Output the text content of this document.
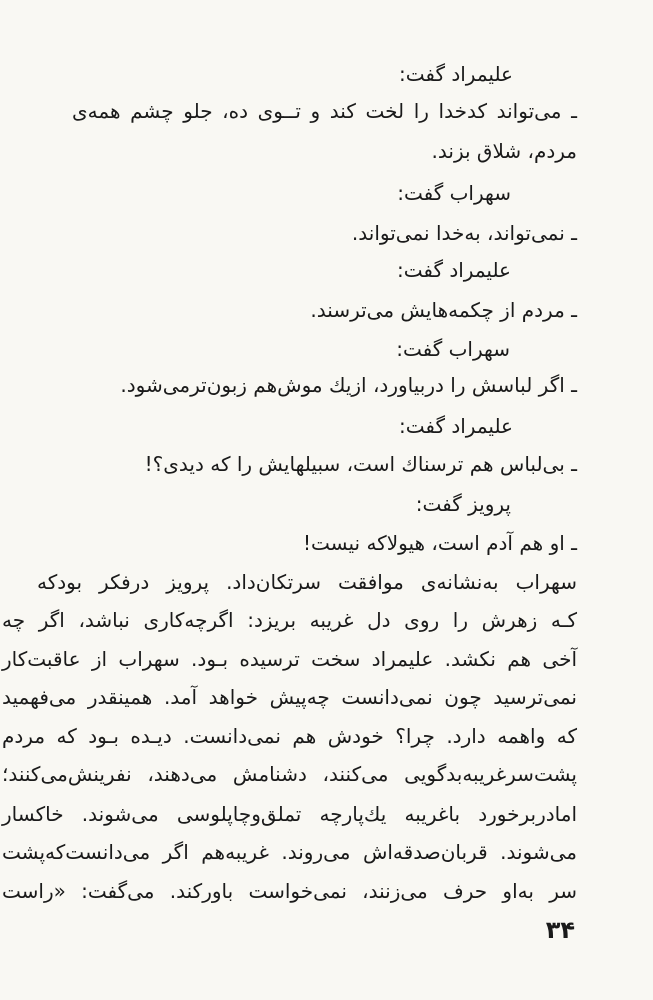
علیمراد گفت:
ـ می‌تواند کدخدا را لخت کند و تــوی ده، جلو چشم همه‌ی
مردم، شلاق بزند.
سهراب گفت:
ـ نمی‌تواند، به‌خدا نمی‌تواند.
علیمراد گفت:
ـ مردم از چکمه‌هایش می‌ترسند.
سهراب گفت:
ـ اگر لباسش را دربیاورد، ازیك موش‌هم زبون‌ترمی‌شود.
علیمراد گفت:
ـ بی‌لباس هم ترسناك است، سبیلهایش را که دیدی؟!
پرویز گفت:
ـ او هم آدم است، هیولاکه نیست!
سهراب به‌نشانه‌ی موافقت سرتکان‌داد. پرویز درفکر بودکه
کـه زهرش را روی دل غریبه بریزد: اگرچه‌کاری نباشد، اگر چه
آخی هم نکشد. علیمراد سخت ترسیده بـود. سهراب از عاقبت‌کار
نمی‌ترسید چون نمی‌دانست چه‌پیش خواهد آمد. همینقدر می‌فهمید
که واهمه دارد. چرا؟ خودش هم نمی‌دانست. دیـده بـود که مردم
پشت‌سرغریبه‌بدگویی می‌کنند، دشنامش می‌دهند، نفرینش‌می‌کنند؛
امادربرخورد باغریبه یك‌پارچه تملق‌وچاپلوسی می‌شوند. خاکسار
می‌شوند. قربان‌صدقه‌اش می‌روند. غریبه‌هم اگر می‌دانست‌که‌پشت
سر به‌او حرف می‌زنند، نمی‌خواست باورکند. می‌گفت: «راست
۳۴
